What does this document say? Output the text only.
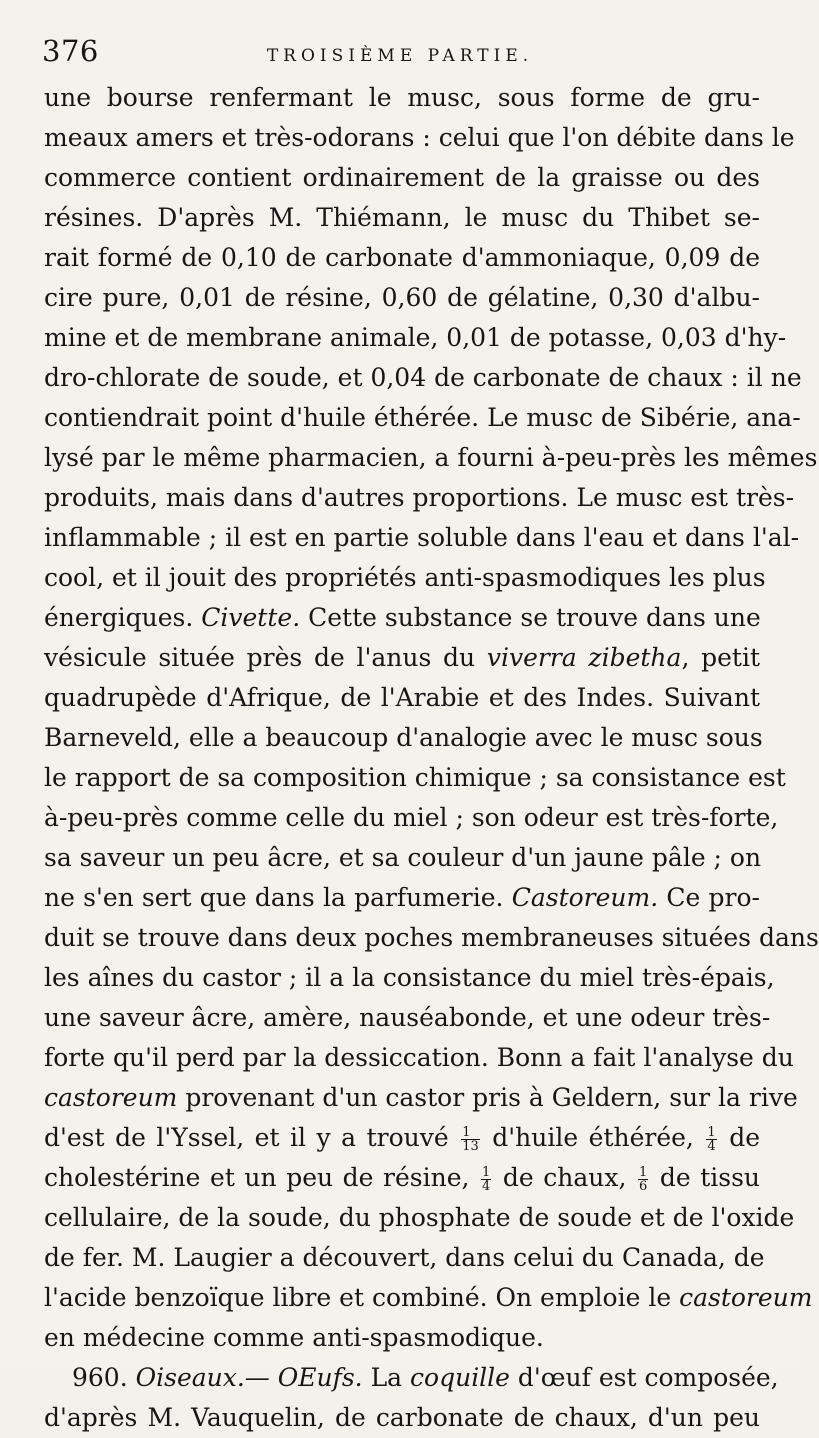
376	TROISIÈME PARTIE.
une bourse renfermant le musc, sous forme de gru-
meaux amers et très-odorans : celui que l'on débite dans le
commerce contient ordinairement de la graisse ou des
résines. D'après M. Thiémann, le musc du Thibet se-
rait formé de 0,10 de carbonate d'ammoniaque, 0,09 de
cire pure, 0,01 de résine, 0,60 de gélatine, 0,30 d'albu-
mine et de membrane animale, 0,01 de potasse, 0,03 d'hy-
dro-chlorate de soude, et 0,04 de carbonate de chaux : il ne
contiendrait point d'huile éthérée. Le musc de Sibérie, ana-
lysé par le même pharmacien, a fourni à-peu-près les mêmes
produits, mais dans d'autres proportions. Le musc est très-
inflammable ; il est en partie soluble dans l'eau et dans l'al-
cool, et il jouit des propriétés anti-spasmodiques les plus
énergiques. Civette. Cette substance se trouve dans une
vésicule située près de l'anus du viverra zibetha, petit
quadrupède d'Afrique, de l'Arabie et des Indes. Suivant
Barneveld, elle a beaucoup d'analogie avec le musc sous
le rapport de sa composition chimique ; sa consistance est
à-peu-près comme celle du miel ; son odeur est très-forte,
sa saveur un peu âcre, et sa couleur d'un jaune pâle ; on
ne s'en sert que dans la parfumerie. Castoreum. Ce pro-
duit se trouve dans deux poches membraneuses situées dans
les aînes du castor ; il a la consistance du miel très-épais,
une saveur âcre, amère, nauséabonde, et une odeur très-
forte qu'il perd par la dessiccation. Bonn a fait l'analyse du
castoreum provenant d'un castor pris à Geldern, sur la rive
d'est de l'Yssel, et il y a trouvé $\frac{1}{13}$ d'huile éthérée, $\frac{1}{4}$ de
cholestérine et un peu de résine, $\frac{1}{4}$ de chaux, $\frac{1}{6}$ de tissu
cellulaire, de la soude, du phosphate de soude et de l'oxide
de fer. M. Laugier a découvert, dans celui du Canada, de
l'acide benzoïque libre et combiné. On emploie le castoreum
en médecine comme anti-spasmodique.
960. Oiseaux.— OEufs. La coquille d'œuf est composée,
d'après M. Vauquelin, de carbonate de chaux, d'un peu
